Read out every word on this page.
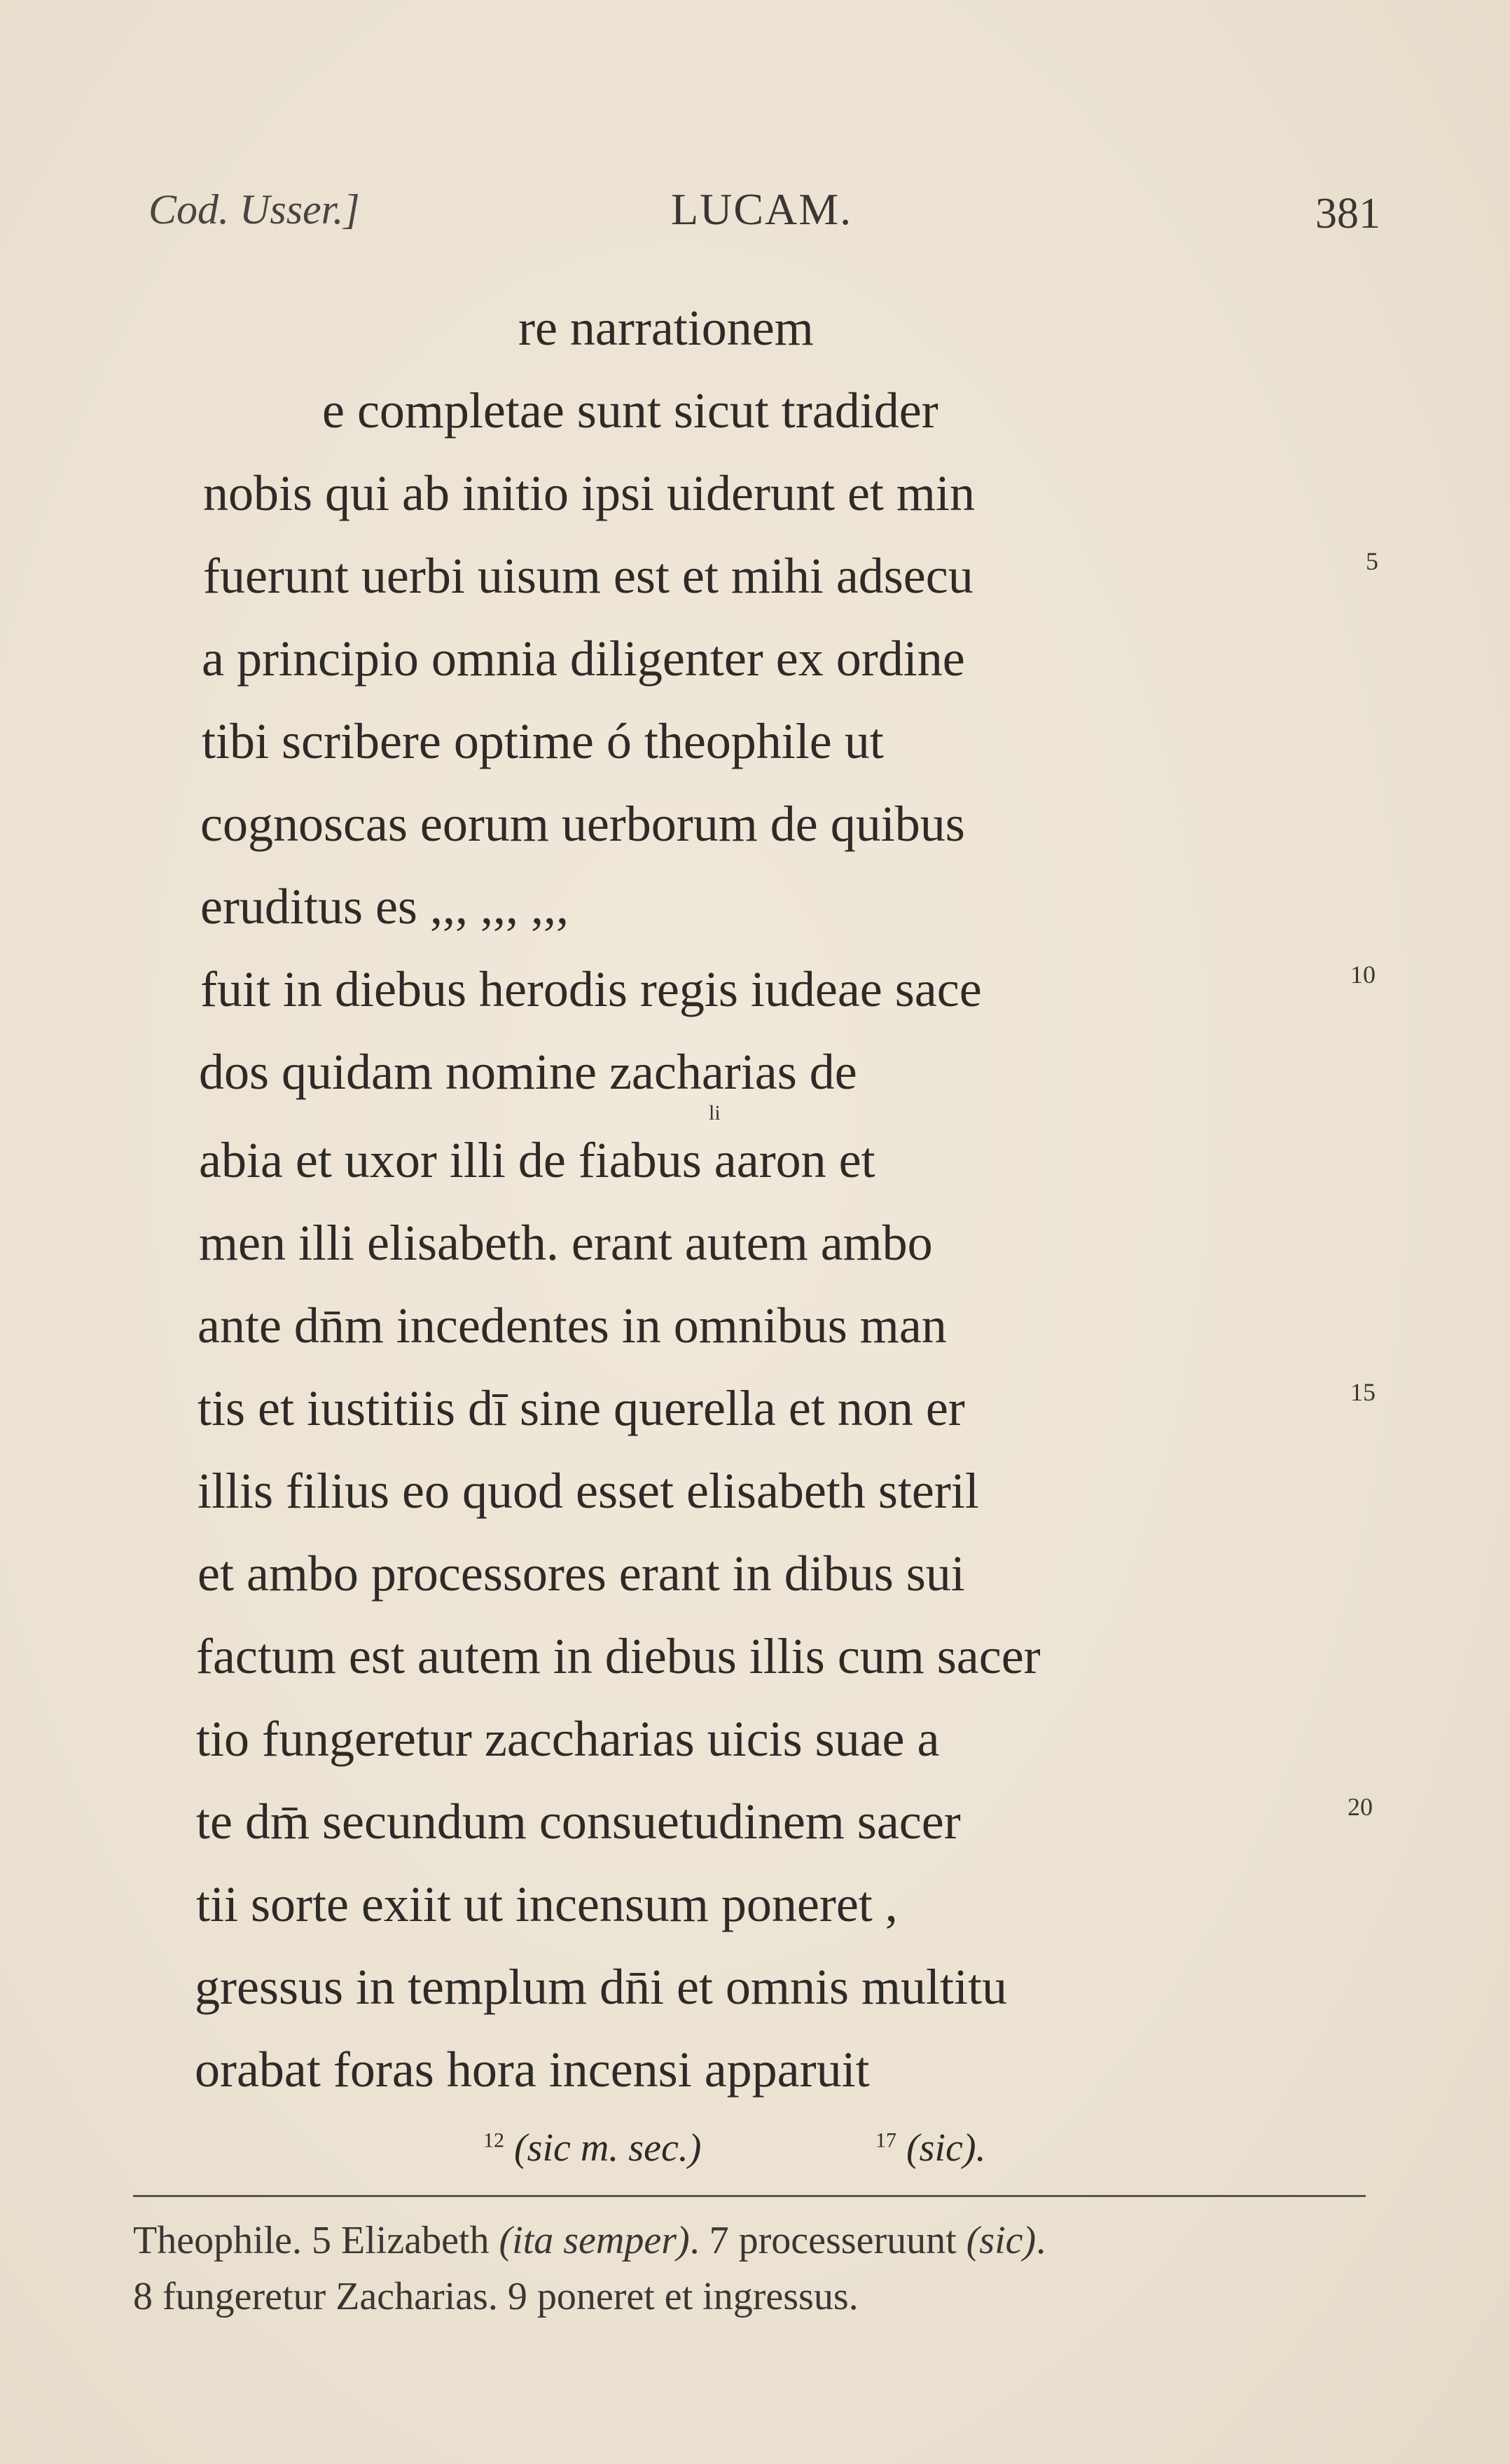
Cod. Usser.]	LUCAM.	381
re narrationem
e completae sunt sicut tradider
nobis qui ab initio ipsi uiderunt et min
fuerunt uerbi uisum est et mihi adsecu
a principio omnia diligenter ex ordine
tibi scribere optime ó theophile ut
cognoscas eorum uerborum de quibus
eruditus es ,,, ,,, ,,,
fuit in diebus herodis regis iudeae sace
dos quidam nomine zacharias de
li
abia et uxor illi de fiabus aaron et
men illi elisabeth. erant autem ambo
ante dn̄m incedentes in omnibus man
tis et iustitiis dī sine querella et non er
illis filius eo quod esset elisabeth steril
et ambo processores erant in dibus sui
factum est autem in diebus illis cum sacer
tio fungeretur zaccharias uicis suae a
te dm̄ secundum consuetudinem sacer
tii sorte exiit ut incensum poneret ,
gressus in templum dn̄i et omnis multitu
orabat foras hora incensi apparuit
5
10
15
20
$^{12}$ (sic m. sec.)	$^{17}$ (sic).
Theophile. 5 Elizabeth (ita semper). 7 processeruunt (sic).
8 fungeretur Zacharias. 9 poneret et ingressus.
